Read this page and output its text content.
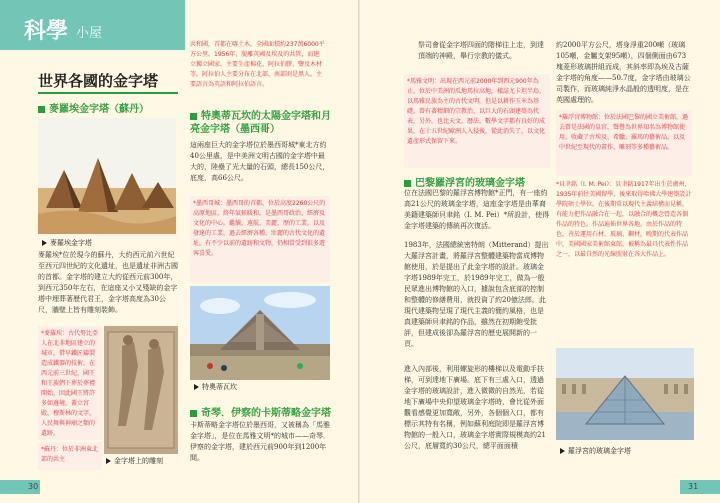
科學 小屋
世界各國的金字塔
麥羅埃金字塔（蘇丹）
麥羅埃金字塔
麥羅埃*位於現今的蘇丹，大約西元前六世紀至西元四世紀的文化遺址，也是遺址非洲古國的首都。金字塔的建立大約從西元前300年，到西元350年左右，在這座又小又殘缺的金字塔中埋葬著歷代君王，金字塔高度為30公尺，牆壁上皆有雕刻裝飾。
*麥羅埃：古代努比亞人在北非地區建立的城市，借早鐵匠鑄製造成鐵器的技術，在西元前三世紀，國王和王族們下葬於葬禮開始，因此國王將許多如邊境，蓋立宮殿，穆斯林的文字，人民舞與神廟之類的遺跡。
*蘇丹：位於非洲東北部的共主	金字塔上的雕刻
共和國，首都在喀土木，全國面積約237萬6000平方公里。1956年，脫離英國及埃及的共管，而建立獨立國家。主要生產棉花、阿拉伯膠、鹽及木材等。阿拉伯人主要分布在北部，南部則是黑人。主要語言為英語和阿拉伯語言。
特奧蒂瓦坎的太陽金字塔和月亮金字塔（墨西哥）
這兩座巨大的金字塔位於墨西哥城*東北方約40公里處，是中美洲文明古國的金字塔中最大的，陸壘了光大量的石頭，總長150公尺，底度，高66公尺。
*墨西哥城：墨西哥的首都，位於高度2260公尺的高原地區，終年氣候暖和，是墨西哥政治、經濟及文化的中心。繼續、遠航、美麗，歷的工業，以及發達的工業，過去經濟各種、壯麗的古代文化的遺址，有不少以前的遺跡和文物，仍相當受到很多遊客喜愛。
特奧蒂瓦坎
奇琴．伊察的卡斯蒂略金字塔
卡斯蒂略金字塔位於墨西哥，又被稱為「馬雅金字塔」，是位在馬雅文明*的城市——奇琴．伊察的金字塔，建於西元前900年到1200年間。
30
祭司會從金字塔四面的階梯往上走，到達頂端的神殿，舉行宗教的儀式。
*馬雅文明：出現在西元前2000年到西元900年為止，位於中美洲的瓜地馬拉高地，樣誌尤卡坦半島，以馬雅民族為主的古代文明，但是以耕作玉米為基礎，曾有著精細的宗教治、以巨大的石頭建築為代表，另外，也比天文、曆法、數學文字都有良好的成果，在十五世紀歐洲人入侵後，從此消失了，以文化遺產形式保留下來。
巴黎羅浮宮的玻璃金字塔
位在法國巴黎的羅浮宮博物館*正門，有一座約高21公尺的玻璃金字塔，這座金字塔是由華裔美籍建築師貝聿銘（I. M. Pei）*所設計，使得金字塔建築的傳統再次復活。
1983年，法國總統密特朗（Mitterand）提出大羅浮宮計畫，將羅浮宮整體建築物當成博物館使用，於是提出了此金字塔的設計。玻璃金字塔1989年完工，於1989年完工，做為一般民眾進出博物館的入口，據說包含底部的控制和整體的修繕費用，就投資了約20億法郎。此現代建築物呈現了現代主義的簡約風格，也是真建築師貝聿銘的作品，雖然在初期飽受批評，但建成後卻為羅浮宮的歷史展開新的一頁。
進入內部後，利用螺旋形的樓梯以及電動手扶梯，可到達地下廣場。底下有三處入口，透過金字塔的玻璃設計，進入微微的自然光，若從地下廣場中央仰望玻璃金字塔時，會比從外面觀看感覺更加寬敞，另外，各個個入口，都有標示其特有名稱，例如蘇利庭院即是羅浮宮博物館的一般入口，玻璃金字塔實際規模高約21公尺，底層寬約30公尺，總平面面積
約2000平方公尺，塔身淨重200噸（玻璃105噸，金屬支架95噸），四個側面由673塊菱形玻璃拼組而成，其斜率即為埃及古薩金字塔的角度——50.7度，金字塔由玻璃公司製作，而玻璃純淨水晶般的透明度，是在英國處理的。
*羅浮宮博物館：位於法國巴黎的國立美術館，過去曾是法國的皇宮，聲譽為世界知名為博物館使用。收藏了古埃及、希臘、羅馬的藝術品，以及中世紀至現代的畫作、雕刻等多種藝術品。
*貝聿銘（I. M. Pei）：貝聿銘1917年出生於廣州，1935年前往美國留學，後來取得哈佛大學建築設計學院碩士學位。在後期常以現代主義結構而見稱，有能力把作品融合在一起，以融合的概念營造各個作品的特色。作品遍佈世界各地。由於作品的特色，善於運用石材、玻璃、鋼材，晚期的代表作品中，美國國家美術館東館，被稱為最具代表性作品之一，以最自然的光線照射在各大作品上。
羅浮宮的玻璃金字塔
31
